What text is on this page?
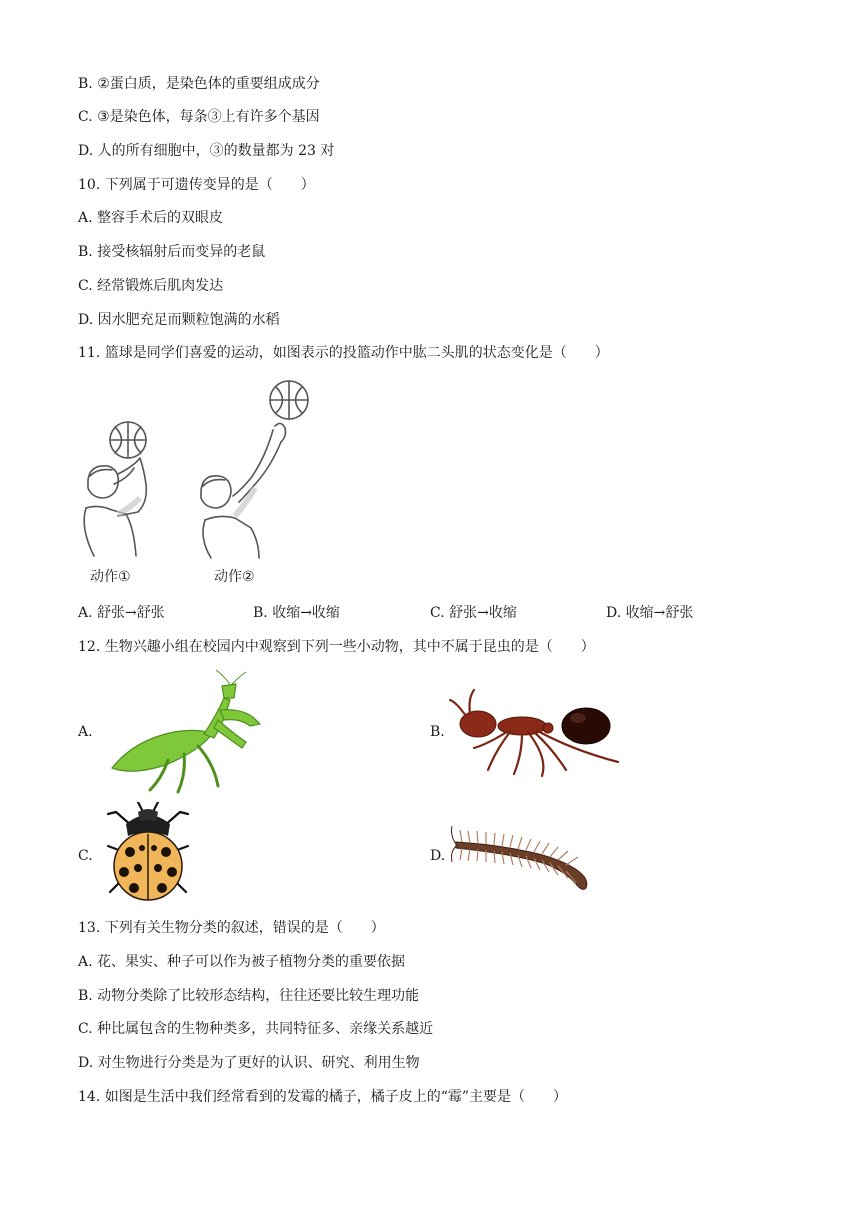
B. ②蛋白质，是染色体的重要组成成分
C. ③是染色体，每条③上有许多个基因
D. 人的所有细胞中，③的数量都为 23 对
10. 下列属于可遗传变异的是（　　）
A. 整容手术后的双眼皮
B. 接受核辐射后而变异的老鼠
C. 经常锻炼后肌肉发达
D. 因水肥充足而颗粒饱满的水稻
11. 篮球是同学们喜爱的运动，如图表示的投篮动作中肱二头肌的状态变化是（　　）
动作①	动作②
A. 舒张→舒张	B. 收缩→收缩	C. 舒张→收缩	D. 收缩→舒张
12. 生物兴趣小组在校园内中观察到下列一些小动物，其中不属于昆虫的是（　　）
A.	B.
C.	D.
13. 下列有关生物分类的叙述，错误的是（　　）
A. 花、果实、种子可以作为被子植物分类的重要依据
B. 动物分类除了比较形态结构，往往还要比较生理功能
C. 种比属包含的生物种类多，共同特征多、亲缘关系越近
D. 对生物进行分类是为了更好的认识、研究、利用生物
14. 如图是生活中我们经常看到的发霉的橘子，橘子皮上的“霉”主要是（　　）
